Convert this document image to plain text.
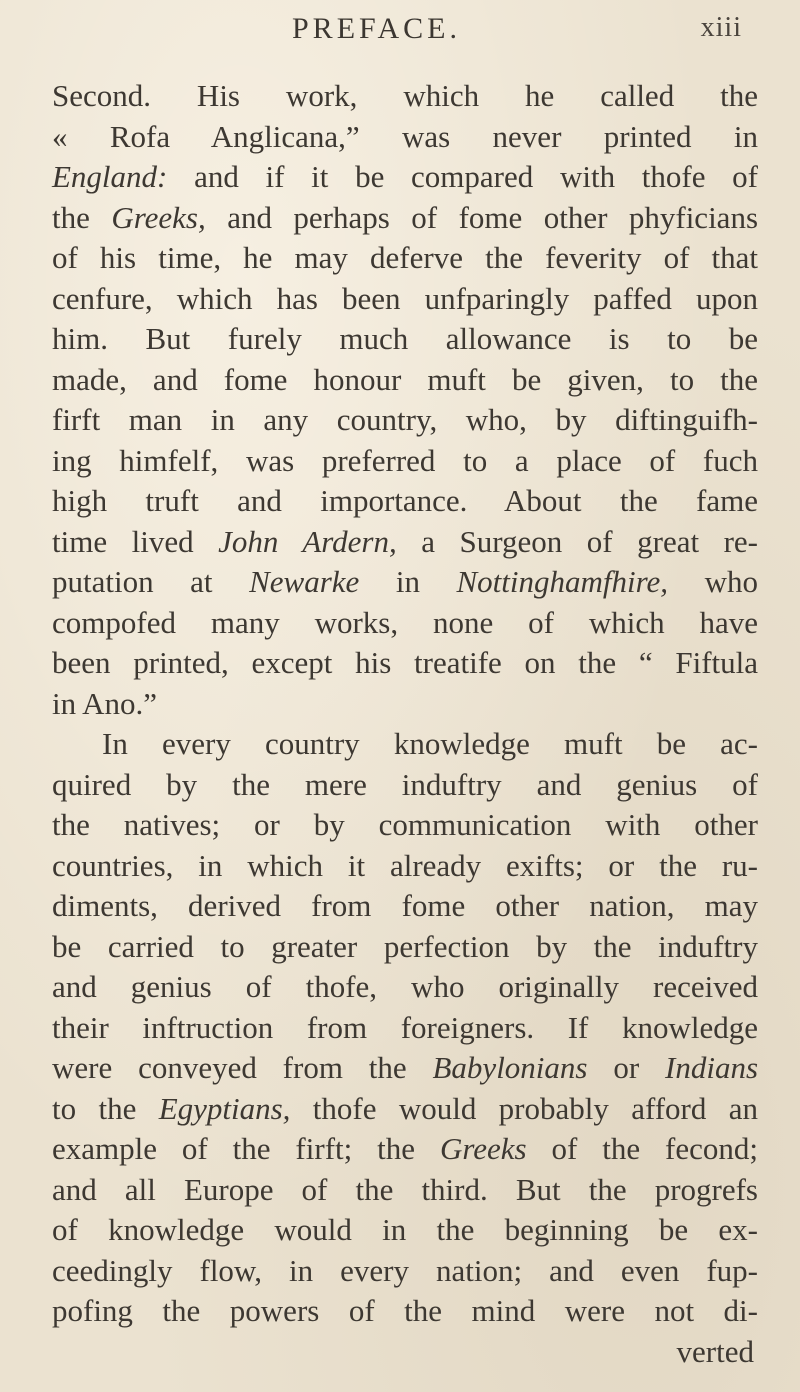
PREFACE.	xiii
Second. His work, which he called the
« Rofa Anglicana,” was never printed in
England: and if it be compared with thofe of
the Greeks, and perhaps of fome other phyficians
of his time, he may deferve the feverity of that
cenfure, which has been unfparingly paffed upon
him. But furely much allowance is to be
made, and fome honour muft be given, to the
firft man in any country, who, by diftinguifh-
ing himfelf, was preferred to a place of fuch
high truft and importance. About the fame
time lived John Ardern, a Surgeon of great re-
putation at Newarke in Nottinghamfhire, who
compofed many works, none of which have
been printed, except his treatife on the “ Fiftula
in Ano.”
In every country knowledge muft be ac-
quired by the mere induftry and genius of
the natives; or by communication with other
countries, in which it already exifts; or the ru-
diments, derived from fome other nation, may
be carried to greater perfection by the induftry
and genius of thofe, who originally received
their inftruction from foreigners. If knowledge
were conveyed from the Babylonians or Indians
to the Egyptians, thofe would probably afford an
example of the firft; the Greeks of the fecond;
and all Europe of the third. But the progrefs
of knowledge would in the beginning be ex-
ceedingly flow, in every nation; and even fup-
pofing the powers of the mind were not di-
verted
